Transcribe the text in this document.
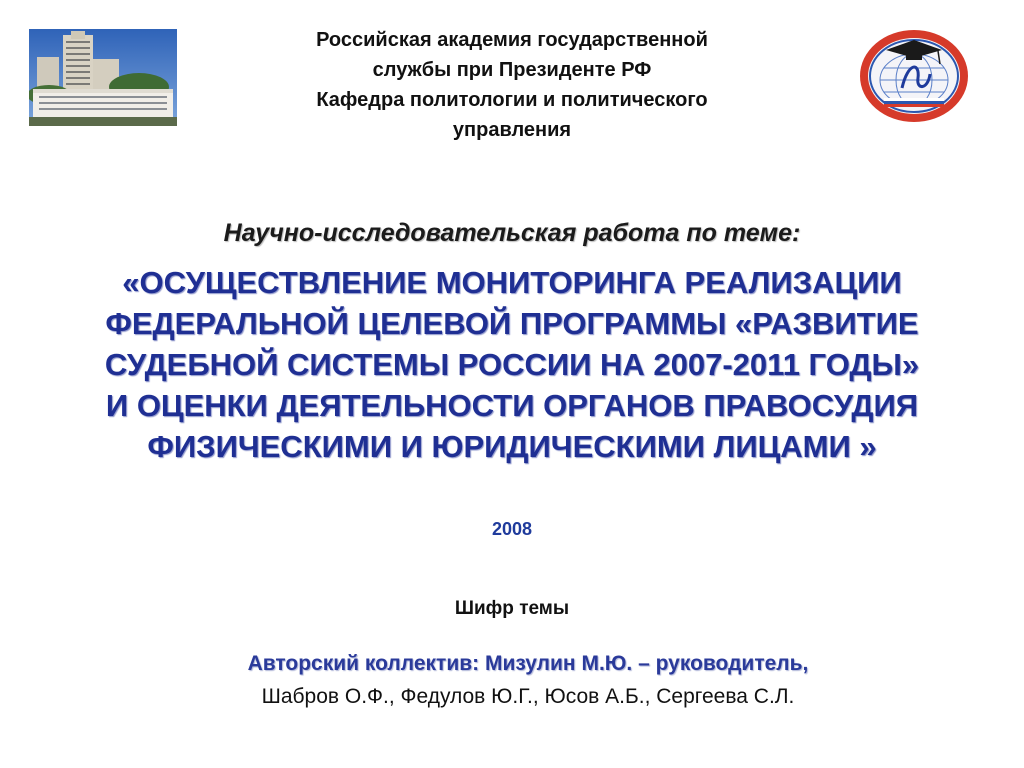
Российская академия государственной
службы при Президенте РФ
Кафедра политологии и политического
управления
Научно-исследовательская работа по теме:
«ОСУЩЕСТВЛЕНИЕ МОНИТОРИНГА РЕАЛИЗАЦИИ
ФЕДЕРАЛЬНОЙ ЦЕЛЕВОЙ ПРОГРАММЫ «РАЗВИТИЕ
СУДЕБНОЙ СИСТЕМЫ РОССИИ НА 2007-2011 ГОДЫ»
И ОЦЕНКИ ДЕЯТЕЛЬНОСТИ ОРГАНОВ ПРАВОСУДИЯ
ФИЗИЧЕСКИМИ И ЮРИДИЧЕСКИМИ ЛИЦАМИ »
2008
Шифр темы
Авторский коллектив: Мизулин М.Ю. – руководитель,
Шабров О.Ф., Федулов Ю.Г., Юсов А.Б., Сергеева С.Л.
